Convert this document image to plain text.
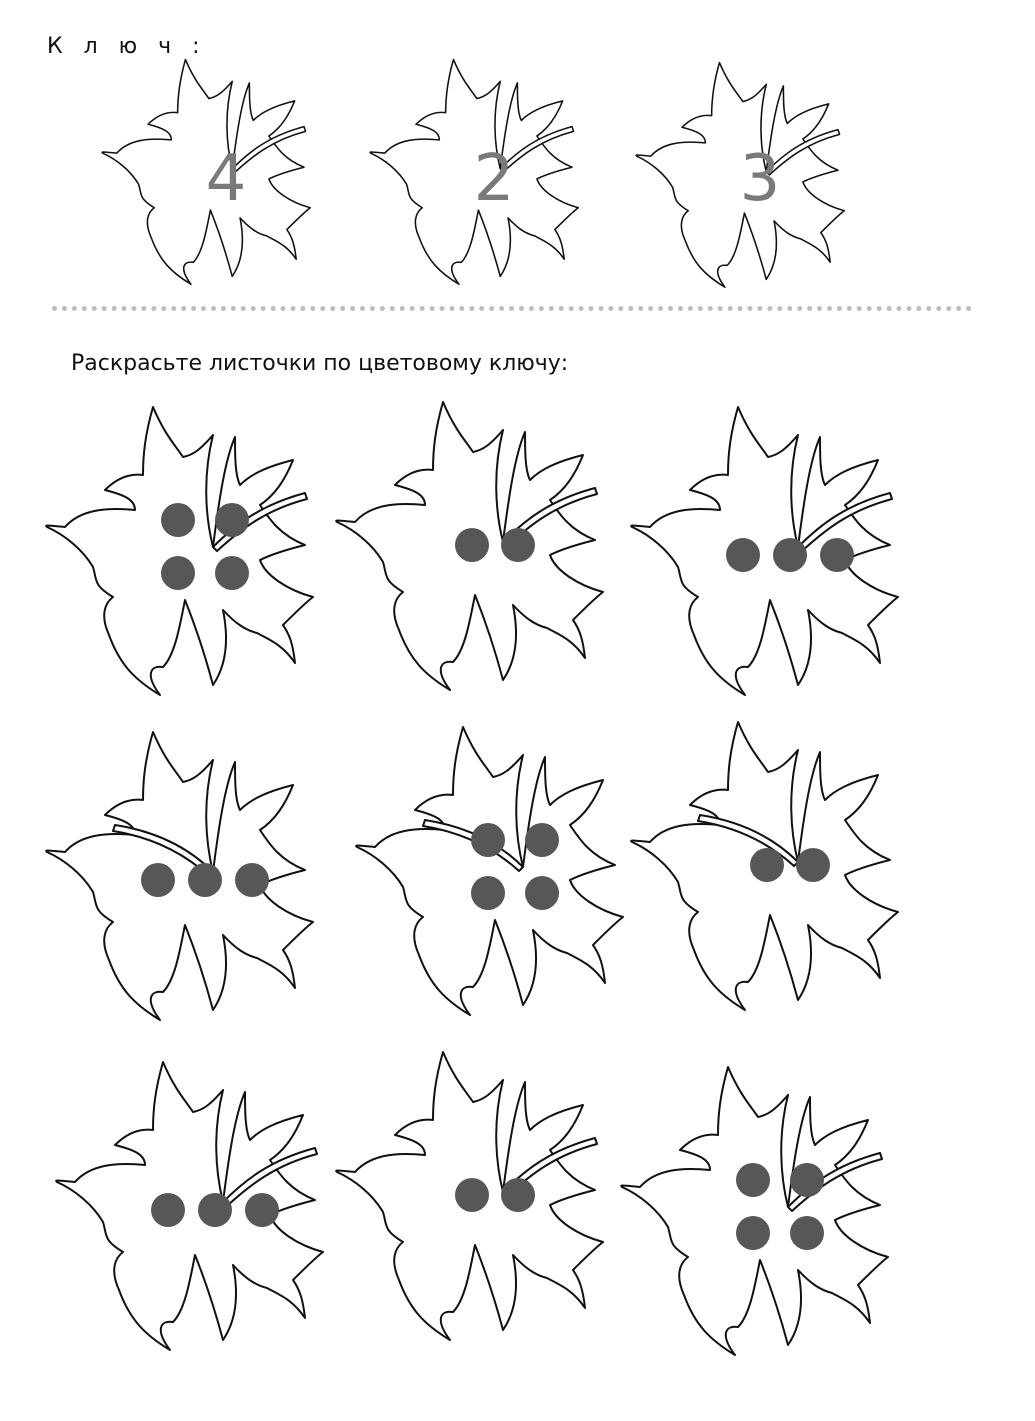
К л ю ч :
Раскрасьте листочки по цветовому ключу:
4	2	3
